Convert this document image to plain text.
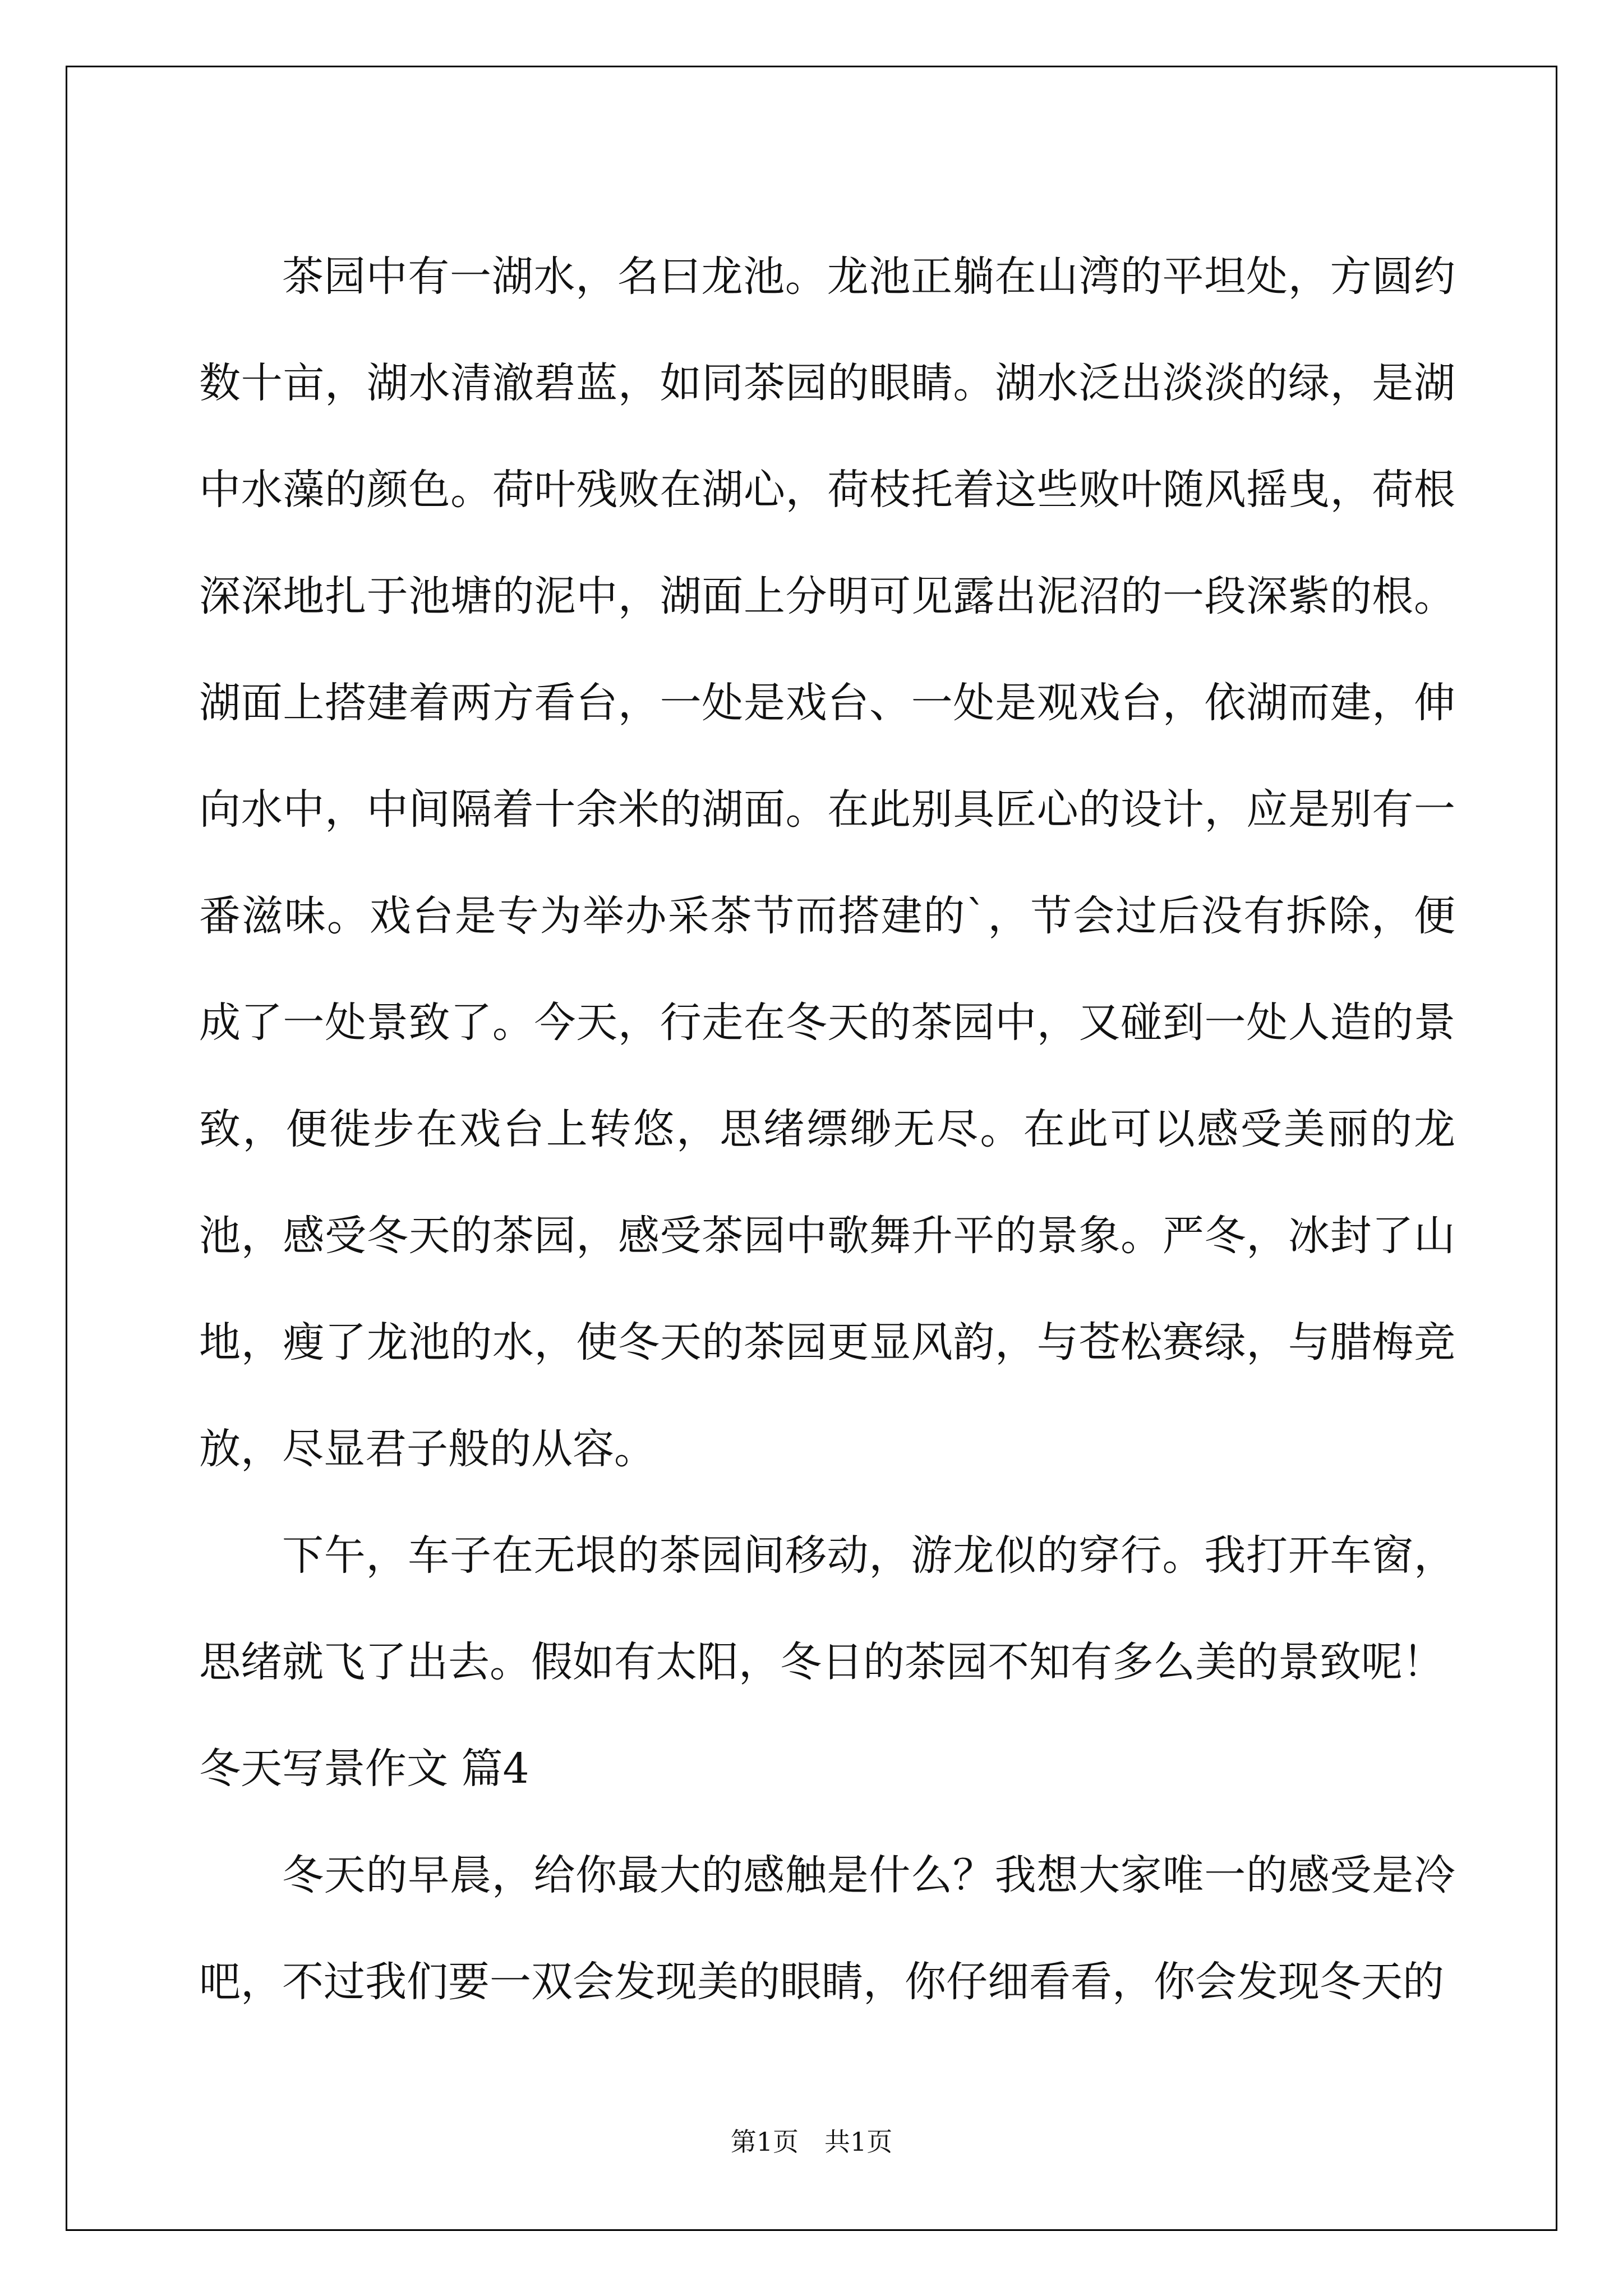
茶园中有一湖水，名曰龙池。龙池正躺在山湾的平坦处，方圆约数十亩，湖水清澈碧蓝，如同茶园的眼睛。湖水泛出淡淡的绿，是湖中水藻的颜色。荷叶残败在湖心，荷枝托着这些败叶随风摇曳，荷根深深地扎于池塘的泥中，湖面上分明可见露出泥沼的一段深紫的根。湖面上搭建着两方看台，一处是戏台、一处是观戏台，依湖而建，伸向水中，中间隔着十余米的湖面。在此别具匠心的设计，应是别有一番滋味。戏台是专为举办采茶节而搭建的`，节会过后没有拆除，便成了一处景致了。今天，行走在冬天的茶园中，又碰到一处人造的景致，便徙步在戏台上转悠，思绪缥缈无尽。在此可以感受美丽的龙池，感受冬天的茶园，感受茶园中歌舞升平的景象。严冬，冰封了山地，瘦了龙池的水，使冬天的茶园更显风韵，与苍松赛绿，与腊梅竞放，尽显君子般的从容。

下午，车子在无垠的茶园间移动，游龙似的穿行。我打开车窗，思绪就飞了出去。假如有太阳，冬日的茶园不知有多么美的景致呢！

冬天写景作文 篇4

冬天的早晨，给你最大的感触是什么？我想大家唯一的感受是冷吧，不过我们要一双会发现美的眼睛，你仔细看看，你会发现冬天的

第1页　共1页
